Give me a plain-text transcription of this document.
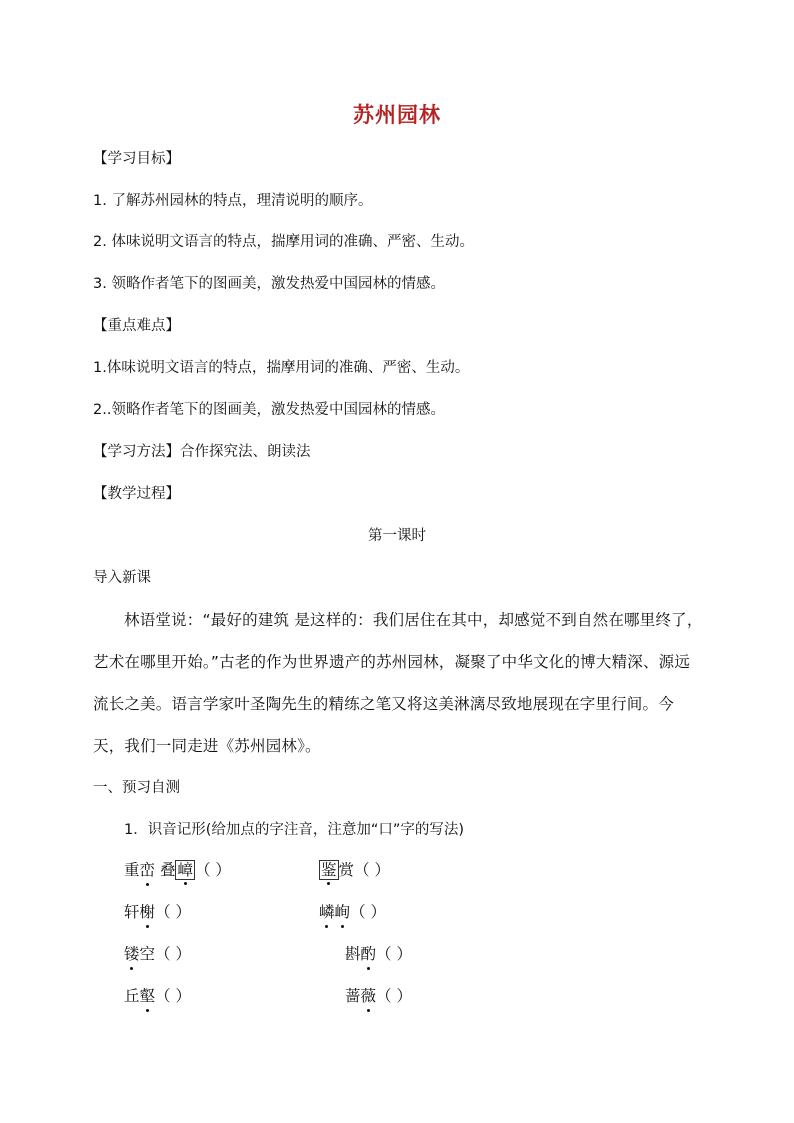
苏州园林
【学习目标】
1. 了解苏州园林的特点，理清说明的顺序。
2. 体味说明文语言的特点，揣摩用词的准确、严密、生动。
3. 领略作者笔下的图画美，激发热爱中国园林的情感。
【重点难点】
1.体味说明文语言的特点，揣摩用词的准确、严密、生动。
2..领略作者笔下的图画美，激发热爱中国园林的情感。
【学习方法】合作探究法、朗读法
【教学过程】
第一课时
导入新课
林语堂说：“最好的建筑 是这样的：我们居住在其中，却感觉不到自然在哪里终了，艺术在哪里开始。”古老的作为世界遗产的苏州园林，凝聚了中华文化的博大精深、源远流长之美。语言学家叶圣陶先生的精练之笔又将这美淋漓尽致地展现在字里行间。今天，我们一同走进《苏州园林》。
一、预习自测
1．识音记形(给加点的字注音，注意加“口”字的写法)
重峦 叠 嶂 （ ）	鉴 赏（ ）
轩榭（ ）	嶙峋（ ）
镂空（ ）	斟酌（ ）
丘壑（ ）	蔷薇（ ）
